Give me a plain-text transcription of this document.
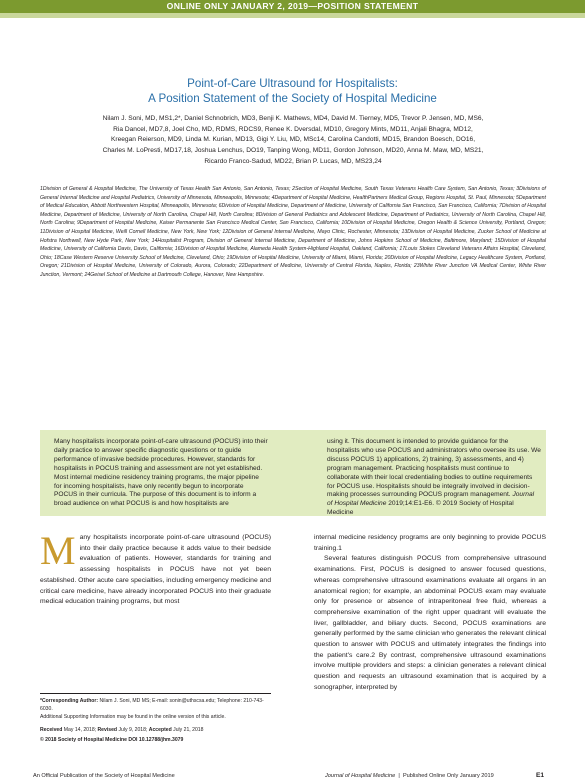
ONLINE ONLY JANUARY 2, 2019—POSITION STATEMENT
Point-of-Care Ultrasound for Hospitalists:
A Position Statement of the Society of Hospital Medicine
Nilam J. Soni, MD, MS1,2*, Daniel Schnobrich, MD3, Benji K. Mathews, MD4, David M. Tierney, MD5, Trevor P. Jensen, MD, MS6,
Ria Dancel, MD7,8, Joel Cho, MD, RDMS, RDCS9, Renee K. Dversdal, MD10, Gregory Mints, MD11, Anjali Bhagra, MD12,
Kreegan Reierson, MD9, Linda M. Kurian, MD13, Gigi Y. Liu, MD, MSc14, Carolina Candotti, MD15, Brandon Boesch, DO16,
Charles M. LoPresti, MD17,18, Joshua Lenchus, DO19, Tanping Wong, MD11, Gordon Johnson, MD20, Anna M. Maw, MD, MS21,
Ricardo Franco-Sadud, MD22, Brian P. Lucas, MD, MS23,24
1Division of General & Hospital Medicine, The University of Texas Health San Antonio, San Antonio, Texas; 2Section of Hospital Medicine, South Texas Veterans Health Care System, San Antonio, Texas; 3Divisions of General Internal Medicine and Hospital Pediatrics, University of Minnesota, Minneapolis, Minnesota; 4Department of Hospital Medicine, HealthPartners Medical Group, Regions Hospital, St. Paul, Minnesota; 5Department of Medical Education, Abbott Northwestern Hospital, Minneapolis, Minnesota; 6Division of Hospital Medicine, Department of Medicine, University of California San Francisco, San Francisco, California; 7Division of Hospital Medicine, Department of Medicine, University of North Carolina, Chapel Hill, North Carolina; 8Division of General Pediatrics and Adolescent Medicine, Department of Pediatrics, University of North Carolina, Chapel Hill, North Carolina; 9Department of Hospital Medicine, Kaiser Permanente San Francisco Medical Center, San Francisco, California; 10Division of Hospital Medicine, Oregon Health & Science University, Portland, Oregon; 11Division of Hospital Medicine, Weill Cornell Medicine, New York, New York; 12Division of General Internal Medicine, Mayo Clinic, Rochester, Minnesota; 13Division of Hospital Medicine, Zucker School of Medicine at Hofstra Northwell, New Hyde Park, New York; 14Hospitalist Program, Division of General Internal Medicine, Department of Medicine, Johns Hopkins School of Medicine, Baltimore, Maryland; 15Division of Hospital Medicine, University of California Davis, Davis, California; 16Division of Hospital Medicine, Alameda Health System-Highland Hospital, Oakland, California; 17Louis Stokes Cleveland Veterans Affairs Hospital, Cleveland, Ohio; 18Case Western Reserve University School of Medicine, Cleveland, Ohio; 19Division of Hospital Medicine, University of Miami, Miami, Florida; 20Division of Hospital Medicine, Legacy Healthcare System, Portland, Oregon; 21Division of Hospital Medicine, University of Colorado, Aurora, Colorado; 22Department of Medicine, University of Central Florida, Naples, Florida; 23White River Junction VA Medical Center, White River Junction, Vermont; 24Geisel School of Medicine at Dartmouth College, Hanover, New Hampshire.
Many hospitalists incorporate point-of-care ultrasound (POCUS) into their daily practice to answer specific diagnostic questions or to guide performance of invasive bedside procedures. However, standards for hospitalists in POCUS training and assessment are not yet established. Most internal medicine residency training programs, the major pipeline for incoming hospitalists, have only recently begun to incorporate POCUS in their curricula. The purpose of this document is to inform a broad audience on what POCUS is and how hospitalists are
using it. This document is intended to provide guidance for the hospitalists who use POCUS and administrators who oversee its use. We discuss POCUS 1) applications, 2) training, 3) assessments, and 4) program management. Practicing hospitalists must continue to collaborate with their local credentialing bodies to outline requirements for POCUS use. Hospitalists should be integrally involved in decision-making processes surrounding POCUS program management. Journal of Hospital Medicine 2019;14:E1-E6. © 2019 Society of Hospital Medicine
M any hospitalists incorporate point-of-care ultrasound (POCUS) into their daily practice because it adds value to their bedside evaluation of patients. However, standards for training and assessing hospitalists in POCUS have not yet been established. Other acute care specialties, including emergency medicine and critical care medicine, have already incorporated POCUS into their graduate medical education training programs, but most

internal medicine residency programs are only beginning to provide POCUS training.1

Several features distinguish POCUS from comprehensive ultrasound examinations. First, POCUS is designed to answer focused questions, whereas comprehensive ultrasound examinations evaluate all organs in an anatomical region; for example, an abdominal POCUS exam may evaluate only for presence or absence of intraperitoneal free fluid, whereas a comprehensive examination of the right upper quadrant will evaluate the liver, gallbladder, and biliary ducts. Second, POCUS examinations are generally performed by the same clinician who generates the relevant clinical question to answer with POCUS and ultimately integrates the findings into the patient's care.2 By contrast, comprehensive ultrasound examinations involve multiple providers and steps: a clinician generates a relevant clinical question and requests an ultrasound examination that is acquired by a sonographer, interpreted by

*Corresponding Author: Nilam J. Soni, MD MS; E-mail: sonin@uthscsa.edu; Telephone: 210-743-6030.
Additional Supporting Information may be found in the online version of this article.
Received May 14, 2018; Revised July 9, 2018; Accepted July 21, 2018
© 2018 Society of Hospital Medicine DOI 10.12788/jhm.3079
An Official Publication of the Society of Hospital Medicine	Journal of Hospital Medicine  |  Published Online Only January 2019	E1
